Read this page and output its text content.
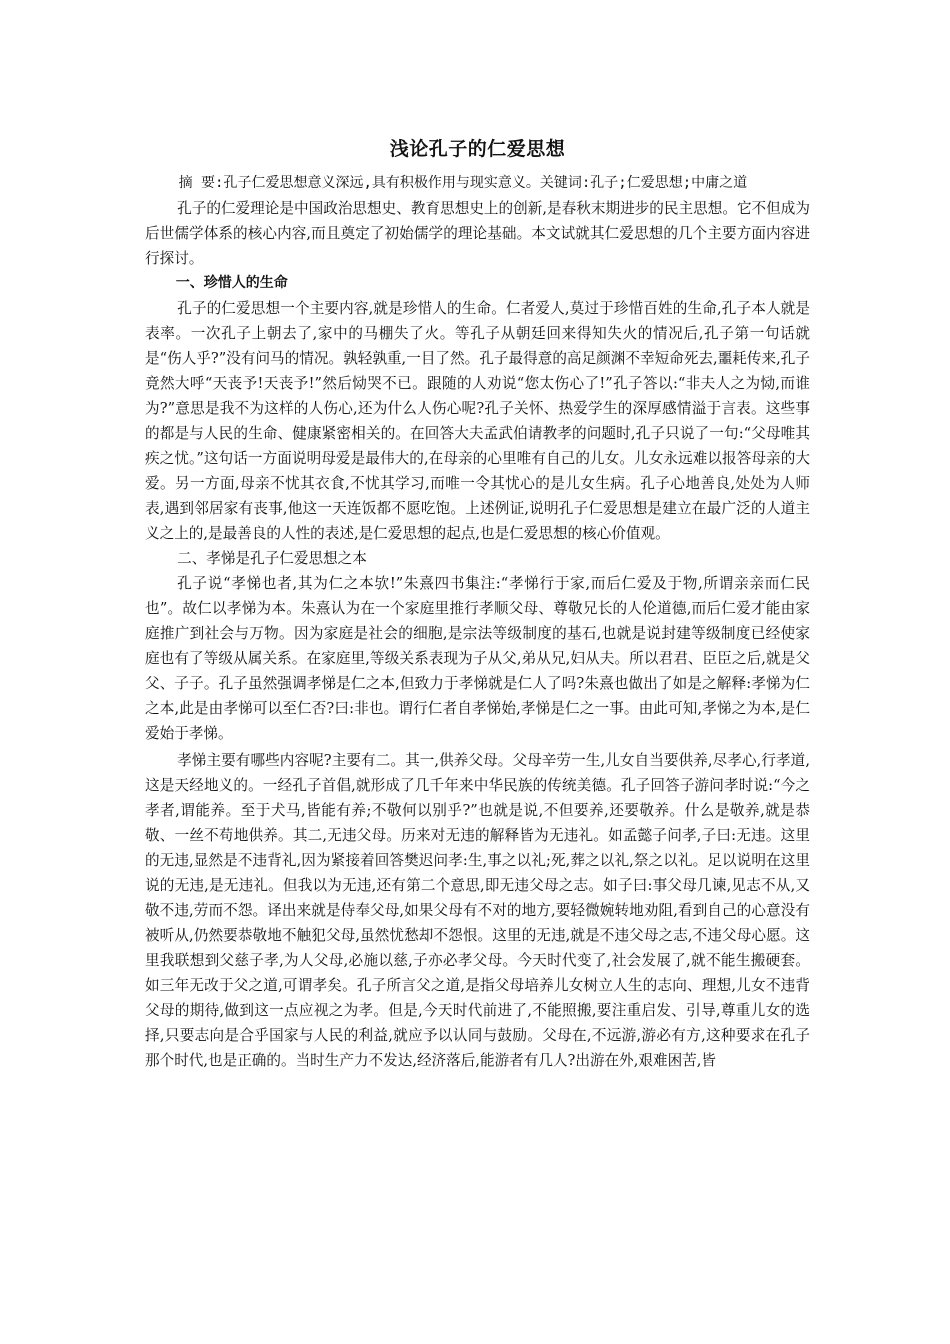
浅论孔子的仁爱思想

摘 要:孔子仁爱思想意义深远,具有积极作用与现实意义。关键词:孔子;仁爱思想;中庸之道

孔子的仁爱理论是中国政治思想史、教育思想史上的创新,是春秋末期进步的民主思想。它不但成为后世儒学体系的核心内容,而且奠定了初始儒学的理论基础。本文试就其仁爱思想的几个主要方面内容进行探讨。

一、珍惜人的生命

孔子的仁爱思想一个主要内容,就是珍惜人的生命。仁者爱人,莫过于珍惜百姓的生命,孔子本人就是表率。一次孔子上朝去了,家中的马棚失了火。等孔子从朝廷回来得知失火的情况后,孔子第一句话就是“伤人乎?”没有问马的情况。孰轻孰重,一目了然。孔子最得意的高足颜渊不幸短命死去,噩耗传来,孔子竟然大呼“天丧予!天丧予!”然后恸哭不已。跟随的人劝说“您太伤心了!”孔子答以:“非夫人之为恸,而谁为?”意思是我不为这样的人伤心,还为什么人伤心呢?孔子关怀、热爱学生的深厚感情溢于言表。这些事的都是与人民的生命、健康紧密相关的。在回答大夫孟武伯请教孝的问题时,孔子只说了一句:“父母唯其疾之忧。”这句话一方面说明母爱是最伟大的,在母亲的心里唯有自己的儿女。儿女永远难以报答母亲的大爱。另一方面,母亲不忧其衣食,不忧其学习,而唯一令其忧心的是儿女生病。孔子心地善良,处处为人师表,遇到邻居家有丧事,他这一天连饭都不愿吃饱。上述例证,说明孔子仁爱思想是建立在最广泛的人道主义之上的,是最善良的人性的表述,是仁爱思想的起点,也是仁爱思想的核心价值观。

二、孝悌是孔子仁爱思想之本

孔子说“孝悌也者,其为仁之本欤!”朱熹四书集注:“孝悌行于家,而后仁爱及于物,所谓亲亲而仁民也”。故仁以孝悌为本。朱熹认为在一个家庭里推行孝顺父母、尊敬兄长的人伦道德,而后仁爱才能由家庭推广到社会与万物。因为家庭是社会的细胞,是宗法等级制度的基石,也就是说封建等级制度已经使家庭也有了等级从属关系。在家庭里,等级关系表现为子从父,弟从兄,妇从夫。所以君君、臣臣之后,就是父父、子子。孔子虽然强调孝悌是仁之本,但致力于孝悌就是仁人了吗?朱熹也做出了如是之解释:孝悌为仁之本,此是由孝悌可以至仁否?曰:非也。谓行仁者自孝悌始,孝悌是仁之一事。由此可知,孝悌之为本,是仁爱始于孝悌。

孝悌主要有哪些内容呢?主要有二。其一,供养父母。父母辛劳一生,儿女自当要供养,尽孝心,行孝道,这是天经地义的。一经孔子首倡,就形成了几千年来中华民族的传统美德。孔子回答子游问孝时说:“今之孝者,谓能养。至于犬马,皆能有养;不敬何以别乎?”也就是说,不但要养,还要敬养。什么是敬养,就是恭敬、一丝不苟地供养。其二,无违父母。历来对无违的解释皆为无违礼。如孟懿子问孝,子曰:无违。这里的无违,显然是不违背礼,因为紧接着回答樊迟问孝:生,事之以礼;死,葬之以礼,祭之以礼。足以说明在这里说的无违,是无违礼。但我以为无违,还有第二个意思,即无违父母之志。如子曰:事父母几谏,见志不从,又敬不违,劳而不怨。译出来就是侍奉父母,如果父母有不对的地方,要轻微婉转地劝阻,看到自己的心意没有被听从,仍然要恭敬地不触犯父母,虽然忧愁却不怨恨。这里的无违,就是不违父母之志,不违父母心愿。这里我联想到父慈子孝,为人父母,必施以慈,子亦必孝父母。今天时代变了,社会发展了,就不能生搬硬套。如三年无改于父之道,可谓孝矣。孔子所言父之道,是指父母培养儿女树立人生的志向、理想,儿女不违背父母的期待,做到这一点应视之为孝。但是,今天时代前进了,不能照搬,要注重启发、引导,尊重儿女的选择,只要志向是合乎国家与人民的利益,就应予以认同与鼓励。父母在,不远游,游必有方,这种要求在孔子那个时代,也是正确的。当时生产力不发达,经济落后,能游者有几人?出游在外,艰难困苦,皆
